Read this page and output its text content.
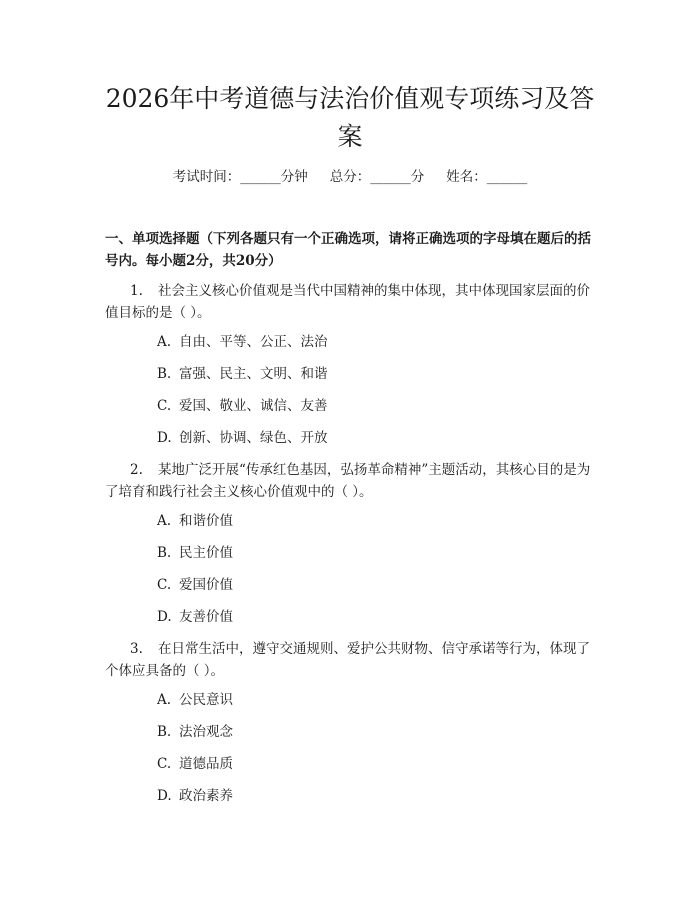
2026年中考道德与法治价值观专项练习及答案
考试时间：______分钟 总分：______分 姓名：______

一、单项选择题（下列各题只有一个正确选项，请将正确选项的字母填在题后的括号内。每小题2分，共20分）

1. 社会主义核心价值观是当代中国精神的集中体现，其中体现国家层面的价值目标的是（ ）。

A. 自由、平等、公正、法治

B. 富强、民主、文明、和谐

C. 爱国、敬业、诚信、友善

D. 创新、协调、绿色、开放

2. 某地广泛开展“传承红色基因，弘扬革命精神”主题活动，其核心目的是为了培育和践行社会主义核心价值观中的（ ）。

A. 和谐价值

B. 民主价值

C. 爱国价值

D. 友善价值

3. 在日常生活中，遵守交通规则、爱护公共财物、信守承诺等行为，体现了个体应具备的（ ）。

A. 公民意识

B. 法治观念

C. 道德品质

D. 政治素养
